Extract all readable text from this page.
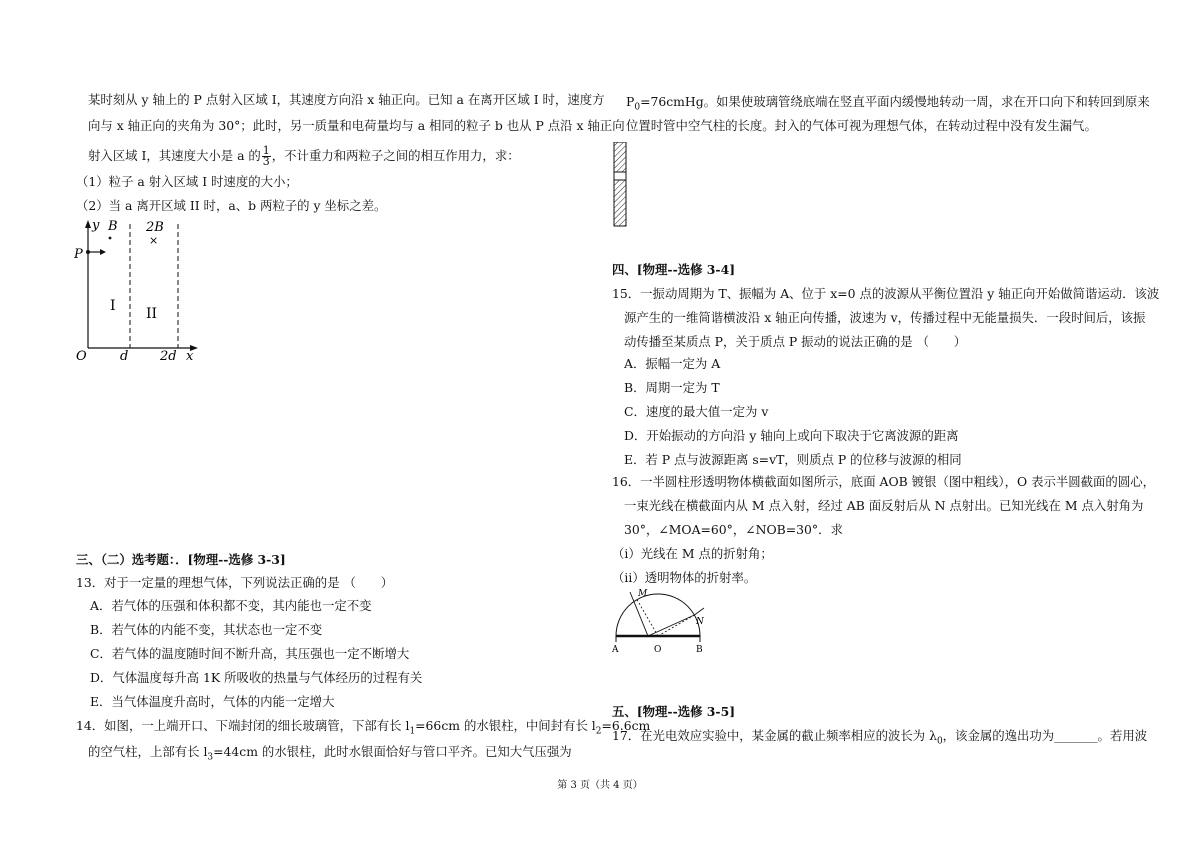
某时刻从 y 轴上的 P 点射入区域 I，其速度方向沿 x 轴正向。已知 a 在离开区域 I 时，速度方
向与 x 轴正向的夹角为 30°；此时，另一质量和电荷量均与 a 相同的粒子 b 也从 P 点沿 x 轴正向
射入区域 I，其速度大小是 a 的 $\frac{1}{3}$ ，不计重力和两粒子之间的相互作用力，求：
（1）粒子 a 射入区域 I 时速度的大小；
（2）当 a 离开区域 II 时，a、b 两粒子的 y 坐标之差。
y B 2B
×
P
I II
O	d 2d x
三、（二）选考题：．[物理--选修 3-3]
13．对于一定量的理想气体，下列说法正确的是 （　　）
A．若气体的压强和体积都不变，其内能也一定不变
B．若气体的内能不变，其状态也一定不变
C．若气体的温度随时间不断升高，其压强也一定不断增大
D．气体温度每升高 1K 所吸收的热量与气体经历的过程有关
E．当气体温度升高时，气体的内能一定增大
14．如图，一上端开口、下端封闭的细长玻璃管，下部有长 $l_1=66cm$ 的水银柱，中间封有长 $l_2=6.6cm$
的空气柱，上部有长 $l_3=44cm$ 的水银柱，此时水银面恰好与管口平齐。已知大气压强为
$P_0=76cmHg$。如果使玻璃管绕底端在竖直平面内缓慢地转动一周，求在开口向下和转回到原来
位置时管中空气柱的长度。封入的气体可视为理想气体，在转动过程中没有发生漏气。
四、[物理--选修 3-4]
15．一振动周期为 T、振幅为 A、位于 x=0 点的波源从平衡位置沿 y 轴正向开始做简谐运动．该波
源产生的一维简谐横波沿 x 轴正向传播，波速为 v，传播过程中无能量损失．一段时间后，该振
动传播至某质点 P，关于质点 P 振动的说法正确的是 （　　）
A．振幅一定为 A
B．周期一定为 T
C．速度的最大值一定为 v
D．开始振动的方向沿 y 轴向上或向下取决于它离波源的距离
E．若 P 点与波源距离 s=vT，则质点 P 的位移与波源的相同
16．一半圆柱形透明物体横截面如图所示，底面 AOB 镀银（图中粗线），O 表示半圆截面的圆心，
一束光线在横截面内从 M 点入射，经过 AB 面反射后从 N 点射出。已知光线在 M 点入射角为
30°，∠MOA=60°，∠NOB=30°．求
（ⅰ）光线在 M 点的折射角；
（ⅱ）透明物体的折射率。
M
N
A	O	B
五、[物理--选修 3-5]
17．在光电效应实验中，某金属的截止频率相应的波长为 $\lambda_0$，该金属的逸出功为_______。若用波
第 3 页（共 4 页）
